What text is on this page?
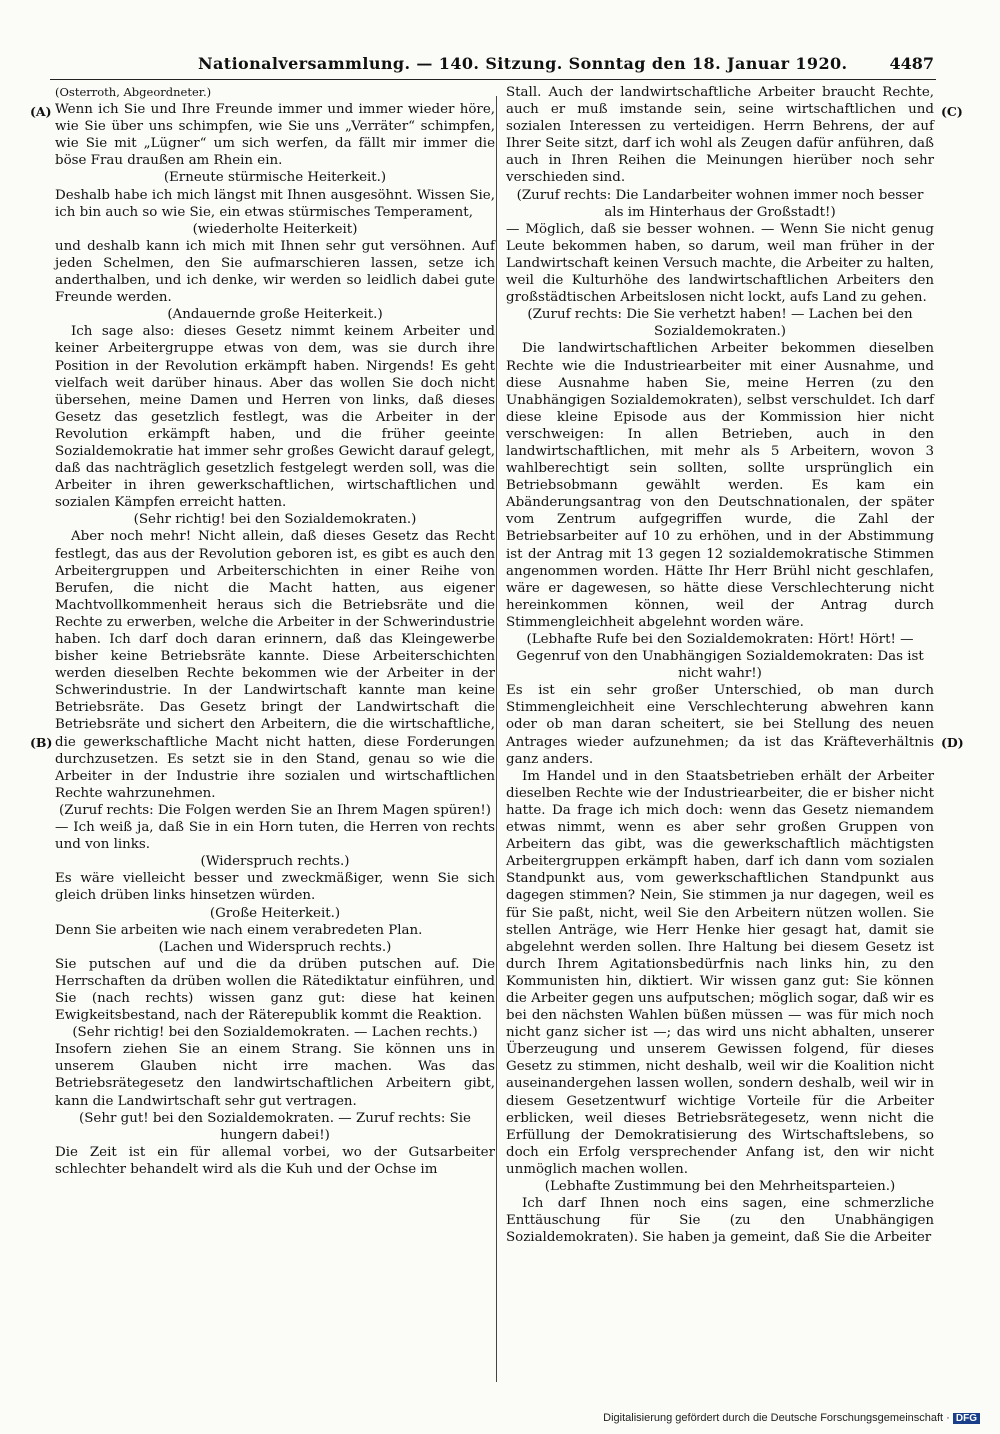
Nationalversammlung. — 140. Sitzung. Sonntag den 18. Januar 1920.	4487
(A)
(B)
(C)
(D)

(Osterroth, Abgeordneter.)

Wenn ich Sie und Ihre Freunde immer und immer wieder höre, wie Sie über uns schimpfen, wie Sie uns „Verräter“ schimpfen, wie Sie mit „Lügner“ um sich werfen, da fällt mir immer die böse Frau draußen am Rhein ein.

(Erneute stürmische Heiterkeit.)

Deshalb habe ich mich längst mit Ihnen ausgesöhnt. Wissen Sie, ich bin auch so wie Sie, ein etwas stürmisches Temperament,

(wiederholte Heiterkeit)

und deshalb kann ich mich mit Ihnen sehr gut versöhnen. Auf jeden Schelmen, den Sie aufmarschieren lassen, setze ich anderthalben, und ich denke, wir werden so leidlich dabei gute Freunde werden.

(Andauernde große Heiterkeit.)

Ich sage also: dieses Gesetz nimmt keinem Arbeiter und keiner Arbeitergruppe etwas von dem, was sie durch ihre Position in der Revolution erkämpft haben. Nirgends! Es geht vielfach weit darüber hinaus. Aber das wollen Sie doch nicht übersehen, meine Damen und Herren von links, daß dieses Gesetz das gesetzlich festlegt, was die Arbeiter in der Revolution erkämpft haben, und die früher geeinte Sozialdemokratie hat immer sehr großes Gewicht darauf gelegt, daß das nachträglich gesetzlich festgelegt werden soll, was die Arbeiter in ihren gewerkschaftlichen, wirtschaftlichen und sozialen Kämpfen erreicht hatten.

(Sehr richtig! bei den Sozialdemokraten.)

Aber noch mehr! Nicht allein, daß dieses Gesetz das Recht festlegt, das aus der Revolution geboren ist, es gibt es auch den Arbeitergruppen und Arbeiterschichten in einer Reihe von Berufen, die nicht die Macht hatten, aus eigener Machtvollkommenheit heraus sich die Betriebsräte und die Rechte zu erwerben, welche die Arbeiter in der Schwerindustrie haben. Ich darf doch daran erinnern, daß das Kleingewerbe bisher keine Betriebsräte kannte. Diese Arbeiterschichten werden dieselben Rechte bekommen wie der Arbeiter in der Schwerindustrie. In der Landwirtschaft kannte man keine Betriebsräte. Das Gesetz bringt der Landwirtschaft die Betriebsräte und sichert den Arbeitern, die die wirtschaftliche, die gewerkschaftliche Macht nicht hatten, diese Forderungen durchzusetzen. Es setzt sie in den Stand, genau so wie die Arbeiter in der Industrie ihre sozialen und wirtschaftlichen Rechte wahrzunehmen.

(Zuruf rechts: Die Folgen werden Sie an Ihrem Magen spüren!)

— Ich weiß ja, daß Sie in ein Horn tuten, die Herren von rechts und von links.

(Widerspruch rechts.)

Es wäre vielleicht besser und zweckmäßiger, wenn Sie sich gleich drüben links hinsetzen würden.

(Große Heiterkeit.)

Denn Sie arbeiten wie nach einem verabredeten Plan.

(Lachen und Widerspruch rechts.)

Sie putschen auf und die da drüben putschen auf. Die Herrschaften da drüben wollen die Rätediktatur einführen, und Sie (nach rechts) wissen ganz gut: diese hat keinen Ewigkeitsbestand, nach der Räterepublik kommt die Reaktion.

(Sehr richtig! bei den Sozialdemokraten. — Lachen rechts.)

Insofern ziehen Sie an einem Strang. Sie können uns in unserem Glauben nicht irre machen. Was das Betriebsrätegesetz den landwirtschaftlichen Arbeitern gibt, kann die Landwirtschaft sehr gut vertragen.

(Sehr gut! bei den Sozialdemokraten. — Zuruf rechts: Sie hungern dabei!)

Die Zeit ist ein für allemal vorbei, wo der Gutsarbeiter schlechter behandelt wird als die Kuh und der Ochse im

Stall. Auch der landwirtschaftliche Arbeiter braucht Rechte, auch er muß imstande sein, seine wirtschaftlichen und sozialen Interessen zu verteidigen. Herrn Behrens, der auf Ihrer Seite sitzt, darf ich wohl als Zeugen dafür anführen, daß auch in Ihren Reihen die Meinungen hierüber noch sehr verschieden sind.

(Zuruf rechts: Die Landarbeiter wohnen immer noch besser als im Hinterhaus der Großstadt!)

— Möglich, daß sie besser wohnen. — Wenn Sie nicht genug Leute bekommen haben, so darum, weil man früher in der Landwirtschaft keinen Versuch machte, die Arbeiter zu halten, weil die Kulturhöhe des landwirtschaftlichen Arbeiters den großstädtischen Arbeitslosen nicht lockt, aufs Land zu gehen.

(Zuruf rechts: Die Sie verhetzt haben! — Lachen bei den Sozialdemokraten.)

Die landwirtschaftlichen Arbeiter bekommen dieselben Rechte wie die Industriearbeiter mit einer Ausnahme, und diese Ausnahme haben Sie, meine Herren (zu den Unabhängigen Sozialdemokraten), selbst verschuldet. Ich darf diese kleine Episode aus der Kommission hier nicht verschweigen: In allen Betrieben, auch in den landwirtschaftlichen, mit mehr als 5 Arbeitern, wovon 3 wahlberechtigt sein sollten, sollte ursprünglich ein Betriebsobmann gewählt werden. Es kam ein Abänderungsantrag von den Deutschnationalen, der später vom Zentrum aufgegriffen wurde, die Zahl der Betriebsarbeiter auf 10 zu erhöhen, und in der Abstimmung ist der Antrag mit 13 gegen 12 sozialdemokratische Stimmen angenommen worden. Hätte Ihr Herr Brühl nicht geschlafen, wäre er dagewesen, so hätte diese Verschlechterung nicht hereinkommen können, weil der Antrag durch Stimmengleichheit abgelehnt worden wäre.

(Lebhafte Rufe bei den Sozialdemokraten: Hört! Hört! — Gegenruf von den Unabhängigen Sozialdemokraten: Das ist nicht wahr!)

Es ist ein sehr großer Unterschied, ob man durch Stimmengleichheit eine Verschlechterung abwehren kann oder ob man daran scheitert, sie bei Stellung des neuen Antrages wieder aufzunehmen; da ist das Kräfteverhältnis ganz anders.

Im Handel und in den Staatsbetrieben erhält der Arbeiter dieselben Rechte wie der Industriearbeiter, die er bisher nicht hatte. Da frage ich mich doch: wenn das Gesetz niemandem etwas nimmt, wenn es aber sehr großen Gruppen von Arbeitern das gibt, was die gewerkschaftlich mächtigsten Arbeitergruppen erkämpft haben, darf ich dann vom sozialen Standpunkt aus, vom gewerkschaftlichen Standpunkt aus dagegen stimmen? Nein, Sie stimmen ja nur dagegen, weil es für Sie paßt, nicht, weil Sie den Arbeitern nützen wollen. Sie stellen Anträge, wie Herr Henke hier gesagt hat, damit sie abgelehnt werden sollen. Ihre Haltung bei diesem Gesetz ist durch Ihrem Agitationsbedürfnis nach links hin, zu den Kommunisten hin, diktiert. Wir wissen ganz gut: Sie können die Arbeiter gegen uns aufputschen; möglich sogar, daß wir es bei den nächsten Wahlen büßen müssen — was für mich noch nicht ganz sicher ist —; das wird uns nicht abhalten, unserer Überzeugung und unserem Gewissen folgend, für dieses Gesetz zu stimmen, nicht deshalb, weil wir die Koalition nicht auseinandergehen lassen wollen, sondern deshalb, weil wir in diesem Gesetzentwurf wichtige Vorteile für die Arbeiter erblicken, weil dieses Betriebsrätegesetz, wenn nicht die Erfüllung der Demokratisierung des Wirtschaftslebens, so doch ein Erfolg versprechender Anfang ist, den wir nicht unmöglich machen wollen.

(Lebhafte Zustimmung bei den Mehrheitsparteien.)

Ich darf Ihnen noch eins sagen, eine schmerzliche Enttäuschung für Sie (zu den Unabhängigen Sozialdemokraten). Sie haben ja gemeint, daß Sie die Arbeiter

Digitalisierung gefördert durch die Deutsche Forschungsgemeinschaft · DFG
